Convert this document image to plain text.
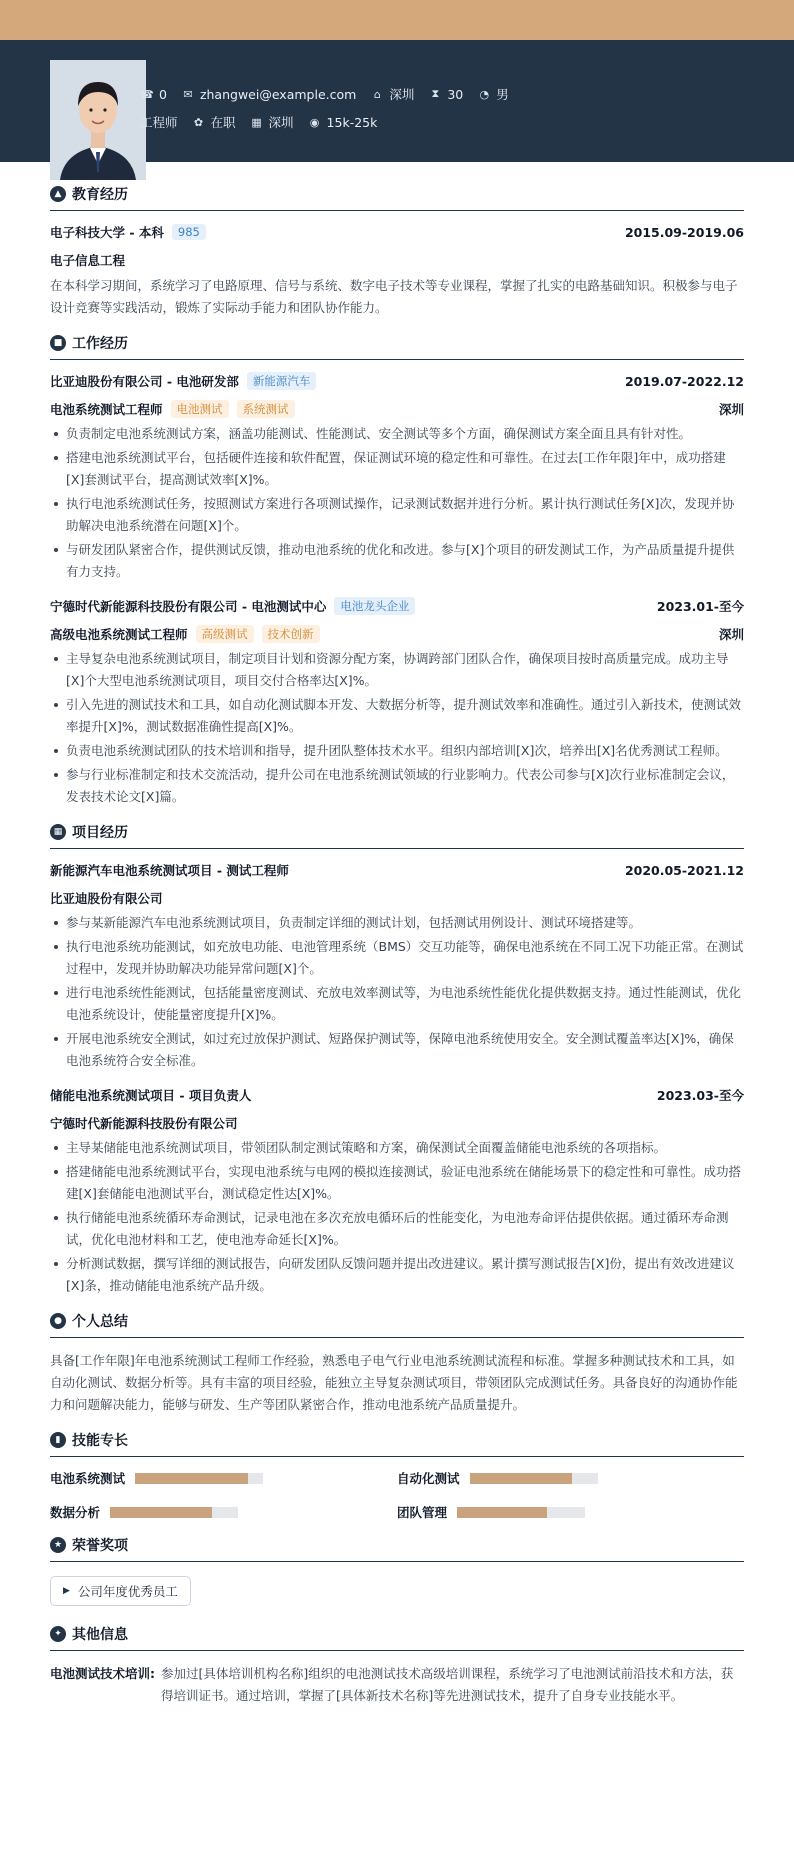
☎ 0 ✉ zhangwei@example.com	⌂ 深圳 ⧗ 30 ◔ 男
工程师 ✿ 在职 ▦ 深圳 ◉ 15k-25k
▲ 教育经历
电子科技大学 - 本科	985	2015.09-2019.06
电子信息工程

在本科学习期间，系统学习了电路原理、信号与系统、数字电子技术等专业课程，掌握了扎实的电路基础知识。积极参与电子设计竞赛等实践活动，锻炼了实际动手能力和团队协作能力。

■ 工作经历
比亚迪股份有限公司 - 电池研发部	新能源汽车	2019.07-2022.12
电池系统测试工程师	电池测试	系统测试	深圳
负责制定电池系统测试方案，涵盖功能测试、性能测试、安全测试等多个方面，确保测试方案全面且具有针对性。
搭建电池系统测试平台，包括硬件连接和软件配置，保证测试环境的稳定性和可靠性。在过去[工作年限]年中，成功搭建[X]套测试平台，提高测试效率[X]%。
执行电池系统测试任务，按照测试方案进行各项测试操作，记录测试数据并进行分析。累计执行测试任务[X]次，发现并协助解决电池系统潜在问题[X]个。
与研发团队紧密合作，提供测试反馈，推动电池系统的优化和改进。参与[X]个项目的研发测试工作，为产品质量提升提供有力支持。
宁德时代新能源科技股份有限公司 - 电池测试中心	电池龙头企业	2023.01-至今
高级电池系统测试工程师	高级测试	技术创新	深圳
主导复杂电池系统测试项目，制定项目计划和资源分配方案，协调跨部门团队合作，确保项目按时高质量完成。成功主导[X]个大型电池系统测试项目，项目交付合格率达[X]%。
引入先进的测试技术和工具，如自动化测试脚本开发、大数据分析等，提升测试效率和准确性。通过引入新技术，使测试效率提升[X]%，测试数据准确性提高[X]%。
负责电池系统测试团队的技术培训和指导，提升团队整体技术水平。组织内部培训[X]次，培养出[X]名优秀测试工程师。
参与行业标准制定和技术交流活动，提升公司在电池系统测试领域的行业影响力。代表公司参与[X]次行业标准制定会议，发表技术论文[X]篇。
▦ 项目经历
新能源汽车电池系统测试项目 - 测试工程师	2020.05-2021.12
比亚迪股份有限公司
参与某新能源汽车电池系统测试项目，负责制定详细的测试计划，包括测试用例设计、测试环境搭建等。
执行电池系统功能测试，如充放电功能、电池管理系统（BMS）交互功能等，确保电池系统在不同工况下功能正常。在测试过程中，发现并协助解决功能异常问题[X]个。
进行电池系统性能测试，包括能量密度测试、充放电效率测试等，为电池系统性能优化提供数据支持。通过性能测试，优化电池系统设计，使能量密度提升[X]%。
开展电池系统安全测试，如过充过放保护测试、短路保护测试等，保障电池系统使用安全。安全测试覆盖率达[X]%，确保电池系统符合安全标准。
储能电池系统测试项目 - 项目负责人	2023.03-至今
宁德时代新能源科技股份有限公司
主导某储能电池系统测试项目，带领团队制定测试策略和方案，确保测试全面覆盖储能电池系统的各项指标。
搭建储能电池系统测试平台，实现电池系统与电网的模拟连接测试，验证电池系统在储能场景下的稳定性和可靠性。成功搭建[X]套储能电池测试平台，测试稳定性达[X]%。
执行储能电池系统循环寿命测试，记录电池在多次充放电循环后的性能变化，为电池寿命评估提供依据。通过循环寿命测试，优化电池材料和工艺，使电池寿命延长[X]%。
分析测试数据，撰写详细的测试报告，向研发团队反馈问题并提出改进建议。累计撰写测试报告[X]份，提出有效改进建议[X]条，推动储能电池系统产品升级。
● 个人总结

具备[工作年限]年电池系统测试工程师工作经验，熟悉电子电气行业电池系统测试流程和标准。掌握多种测试技术和工具，如自动化测试、数据分析等。具有丰富的项目经验，能独立主导复杂测试项目，带领团队完成测试任务。具备良好的沟通协作能力和问题解决能力，能够与研发、生产等团队紧密合作，推动电池系统产品质量提升。

▮ 技能专长
电池系统测试	自动化测试
数据分析	团队管理
★ 荣誉奖项
▶ 公司年度优秀员工
✦ 其他信息
电池测试技术培训: 参加过[具体培训机构名称]组织的电池测试技术高级培训课程，系统学习了电池测试前沿技术和方法，获得培训证书。通过培训，掌握了[具体新技术名称]等先进测试技术，提升了自身专业技能水平。
